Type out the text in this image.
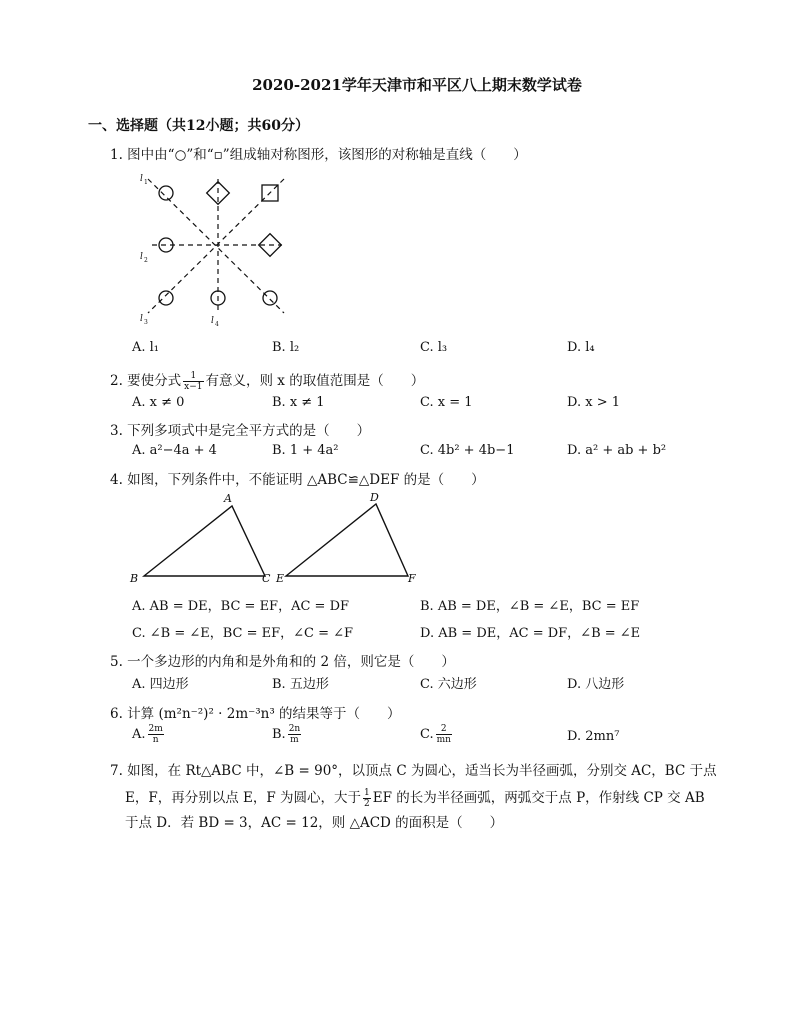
2020-2021学年天津市和平区八上期末数学试卷
一、选择题（共12小题；共60分）
1. 图中由“○”和“▫”组成轴对称图形，该图形的对称轴是直线（　　）
l 1
l 2
l 3	l 4
A. l₁	B. l₂	C. l₃	D. l₄
2. 要使分式 $\frac{1}{x-1}$ 有意义，则 x 的取值范围是（　　）
A. x ≠ 0	B. x ≠ 1	C. x = 1	D. x > 1
3. 下列多项式中是完全平方式的是（　　）
A. a²−4a + 4	B. 1 + 4a²	C. 4b² + 4b−1	D. a² + ab + b²
4. 如图，下列条件中，不能证明 △ABC≌△DEF 的是（　　）
A
B	C
D
E	F
A. AB = DE，BC = EF，AC = DF	B. AB = DE，∠B = ∠E，BC = EF
C. ∠B = ∠E，BC = EF，∠C = ∠F	D. AB = DE，AC = DF，∠B = ∠E
5. 一个多边形的内角和是外角和的 2 倍，则它是（　　）
A. 四边形	B. 五边形	C. 六边形	D. 八边形
6. 计算 (m²n⁻²)² · 2m⁻³n³ 的结果等于（　　）
A. $\frac{2m}{n}$	B. $\frac{2n}{m}$	C. $\frac{2}{mn}$	D. 2mn⁷
7. 如图，在 Rt△ABC 中，∠B = 90°，以顶点 C 为圆心，适当长为半径画弧，分别交 AC，BC 于点
E，F，再分别以点 E，F 为圆心，大于 $\frac{1}{2}$ EF 的长为半径画弧，两弧交于点 P，作射线 CP 交 AB
于点 D．若 BD = 3，AC = 12，则 △ACD 的面积是（　　）
